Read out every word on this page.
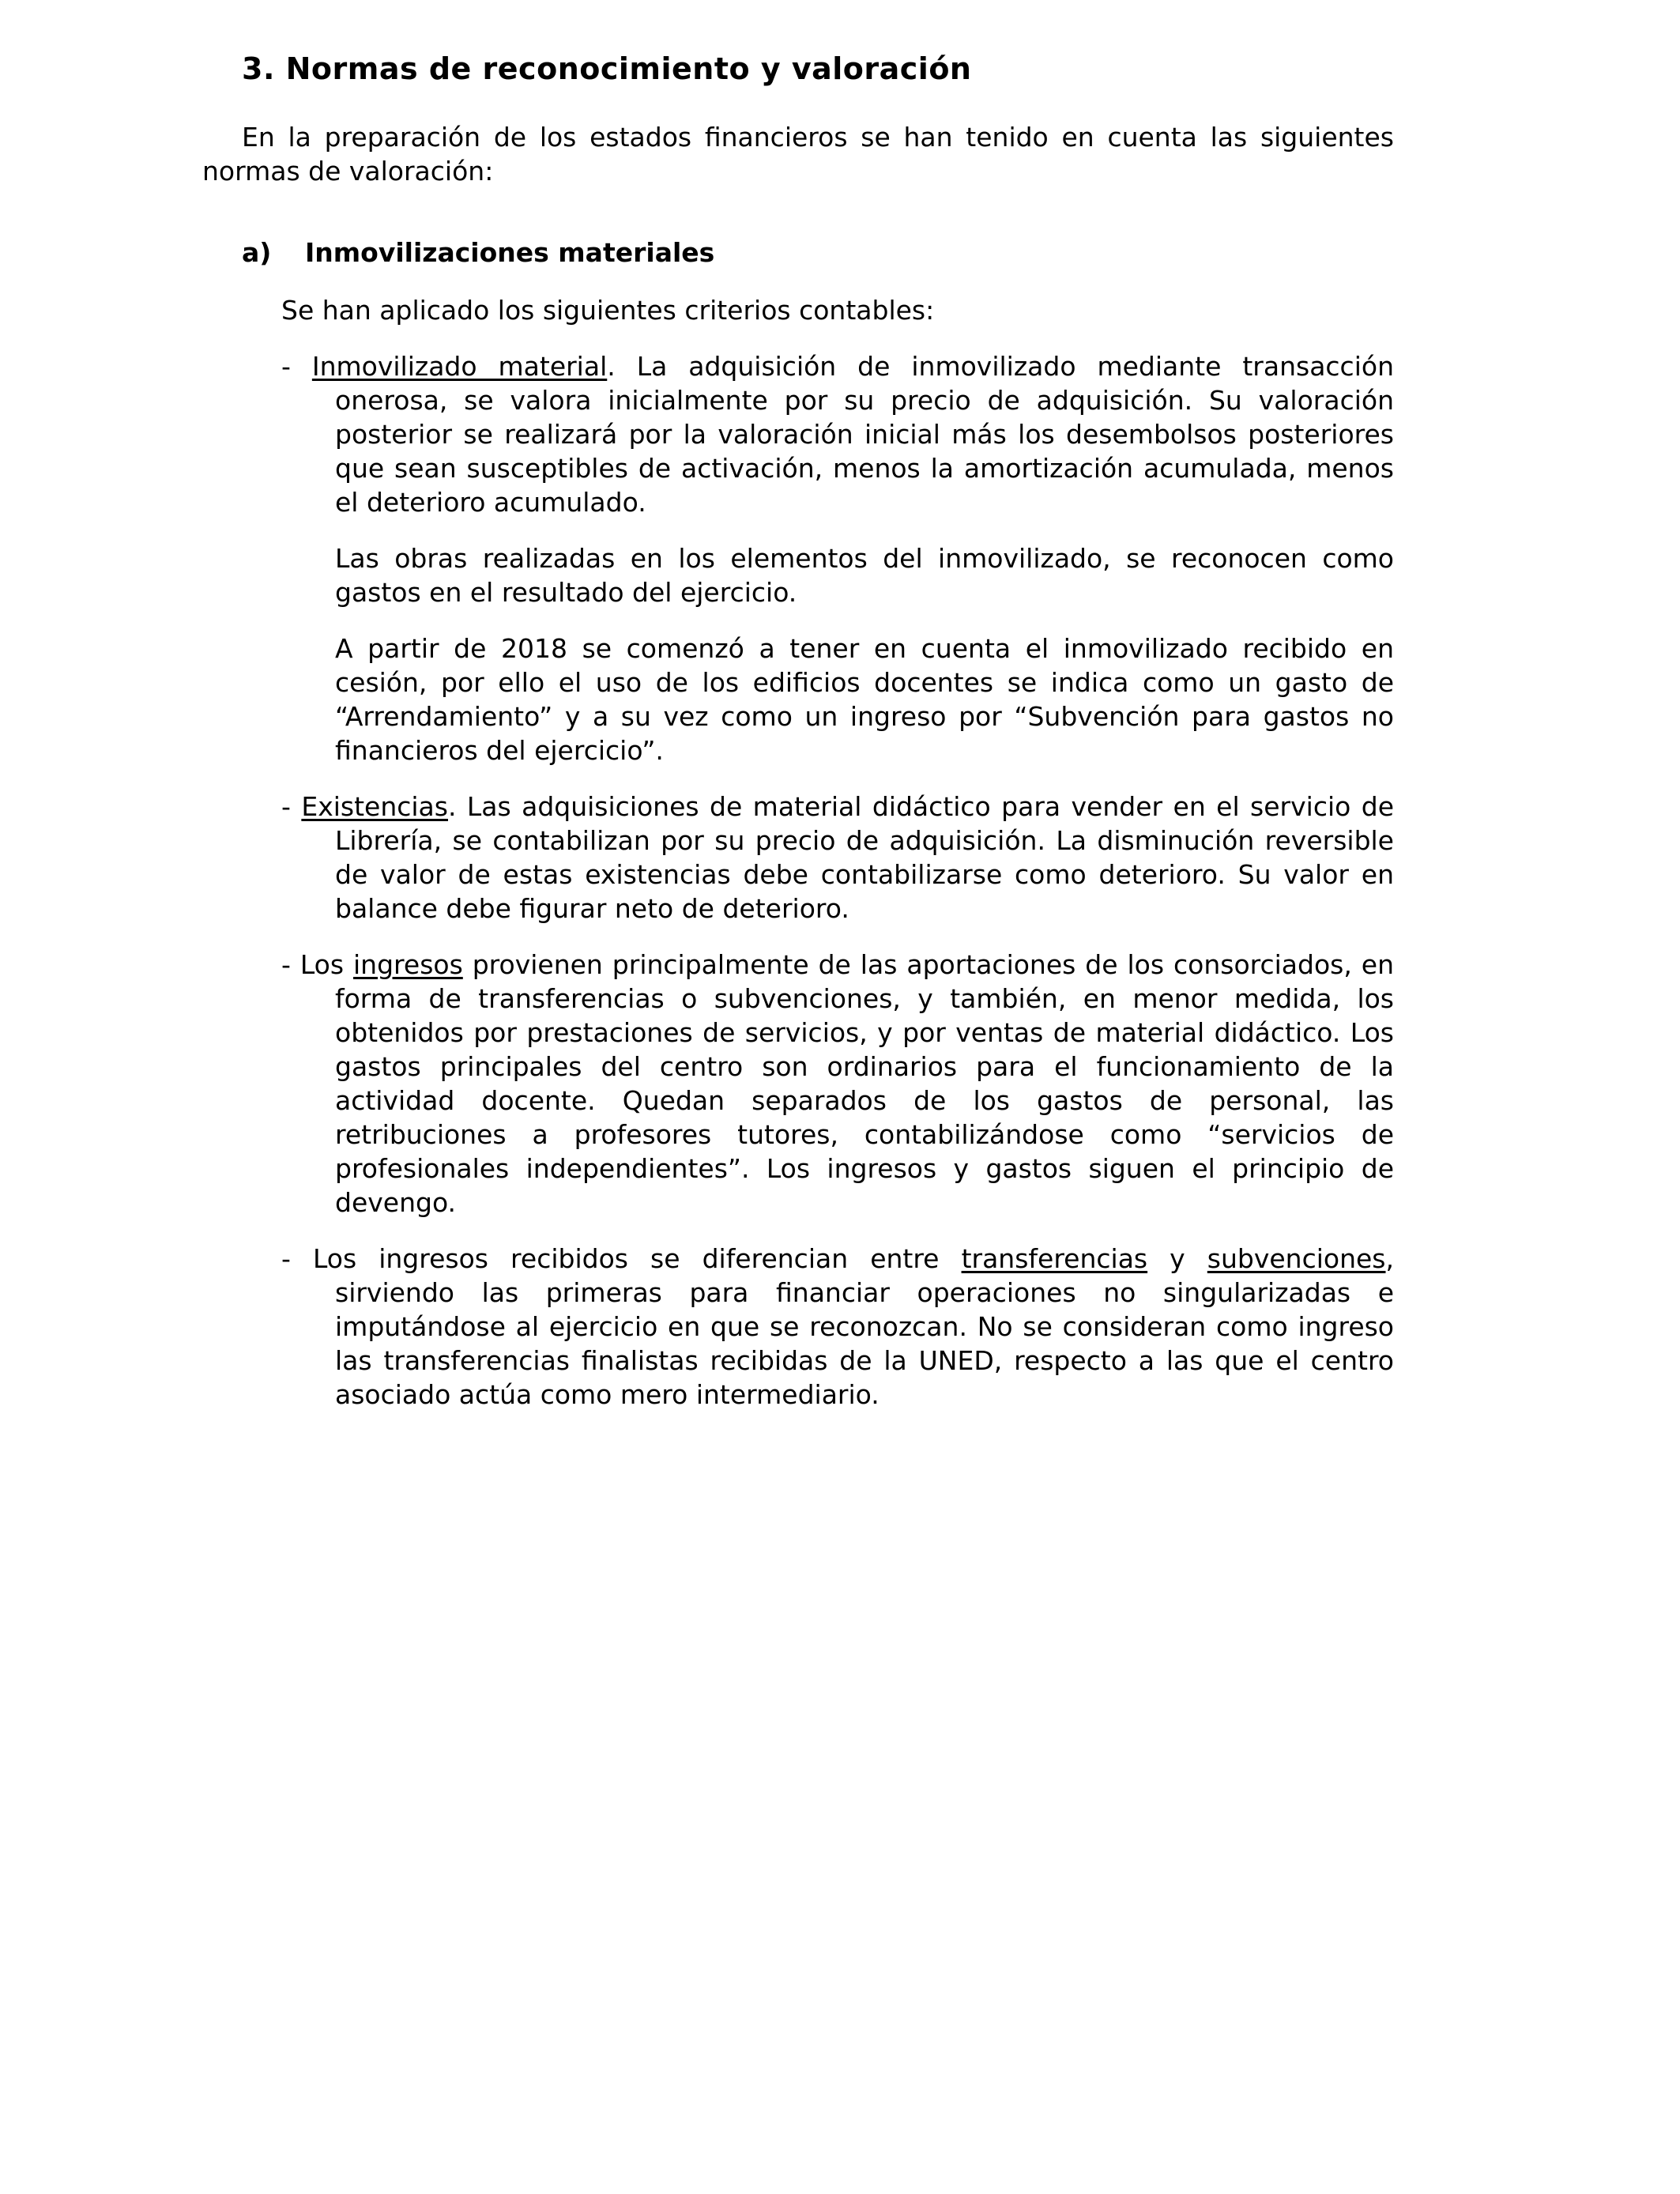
3. Normas de reconocimiento y valoración

En la preparación de los estados financieros se han tenido en cuenta las siguientes normas de valoración:

a)	Inmovilizaciones materiales

Se han aplicado los siguientes criterios contables:

- Inmovilizado material. La adquisición de inmovilizado mediante transacción onerosa, se valora inicialmente por su precio de adquisición. Su valoración posterior se realizará por la valoración inicial más los desembolsos posteriores que sean susceptibles de activación, menos la amortización acumulada, menos el deterioro acumulado.

Las obras realizadas en los elementos del inmovilizado, se reconocen como gastos en el resultado del ejercicio.

A partir de 2018 se comenzó a tener en cuenta el inmovilizado recibido en cesión, por ello el uso de los edificios docentes se indica como un gasto de “Arrendamiento” y a su vez como un ingreso por “Subvención para gastos no financieros del ejercicio”.

- Existencias. Las adquisiciones de material didáctico para vender en el servicio de Librería, se contabilizan por su precio de adquisición. La disminución reversible de valor de estas existencias debe contabilizarse como deterioro. Su valor en balance debe figurar neto de deterioro.

- Los ingresos provienen principalmente de las aportaciones de los consorciados, en forma de transferencias o subvenciones, y también, en menor medida, los obtenidos por prestaciones de servicios, y por ventas de material didáctico. Los gastos principales del centro son ordinarios para el funcionamiento de la actividad docente. Quedan separados de los gastos de personal, las retribuciones a profesores tutores, contabilizándose como “servicios de profesionales independientes”. Los ingresos y gastos siguen el principio de devengo.

- Los ingresos recibidos se diferencian entre transferencias y subvenciones, sirviendo las primeras para financiar operaciones no singularizadas e imputándose al ejercicio en que se reconozcan. No se consideran como ingreso las transferencias finalistas recibidas de la UNED, respecto a las que el centro asociado actúa como mero intermediario.
